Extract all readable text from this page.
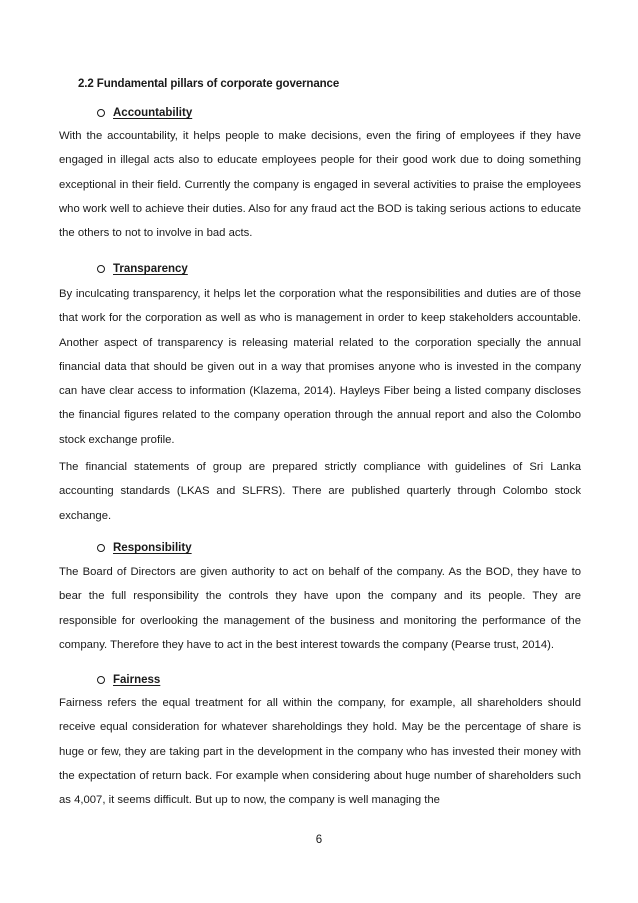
2.2 Fundamental pillars of corporate governance
Accountability

With the accountability, it helps people to make decisions, even the firing of employees if they have engaged in illegal acts also to educate employees people for their good work due to doing something exceptional in their field. Currently the company is engaged in several activities to praise the employees who work well to achieve their duties. Also for any fraud act the BOD is taking serious actions to educate the others to not to involve in bad acts.

Transparency

By inculcating transparency, it helps let the corporation what the responsibilities and duties are of those that work for the corporation as well as who is management in order to keep stakeholders accountable. Another aspect of transparency is releasing material related to the corporation specially the annual financial data that should be given out in a way that promises anyone who is invested in the company can have clear access to information (Klazema, 2014). Hayleys Fiber being a listed company discloses the financial figures related to the company operation through the annual report and also the Colombo stock exchange profile.

The financial statements of group are prepared strictly compliance with guidelines of Sri Lanka accounting standards (LKAS and SLFRS). There are published quarterly through Colombo stock exchange.

Responsibility

The Board of Directors are given authority to act on behalf of the company. As the BOD, they have to bear the full responsibility the controls they have upon the company and its people. They are responsible for overlooking the management of the business and monitoring the performance of the company. Therefore they have to act in the best interest towards the company (Pearse trust, 2014).

Fairness

Fairness refers the equal treatment for all within the company, for example, all shareholders should receive equal consideration for whatever shareholdings they hold. May be the percentage of share is huge or few, they are taking part in the development in the company who has invested their money with the expectation of return back. For example when considering about huge number of shareholders such as 4,007, it seems difficult. But up to now, the company is well managing the

6
